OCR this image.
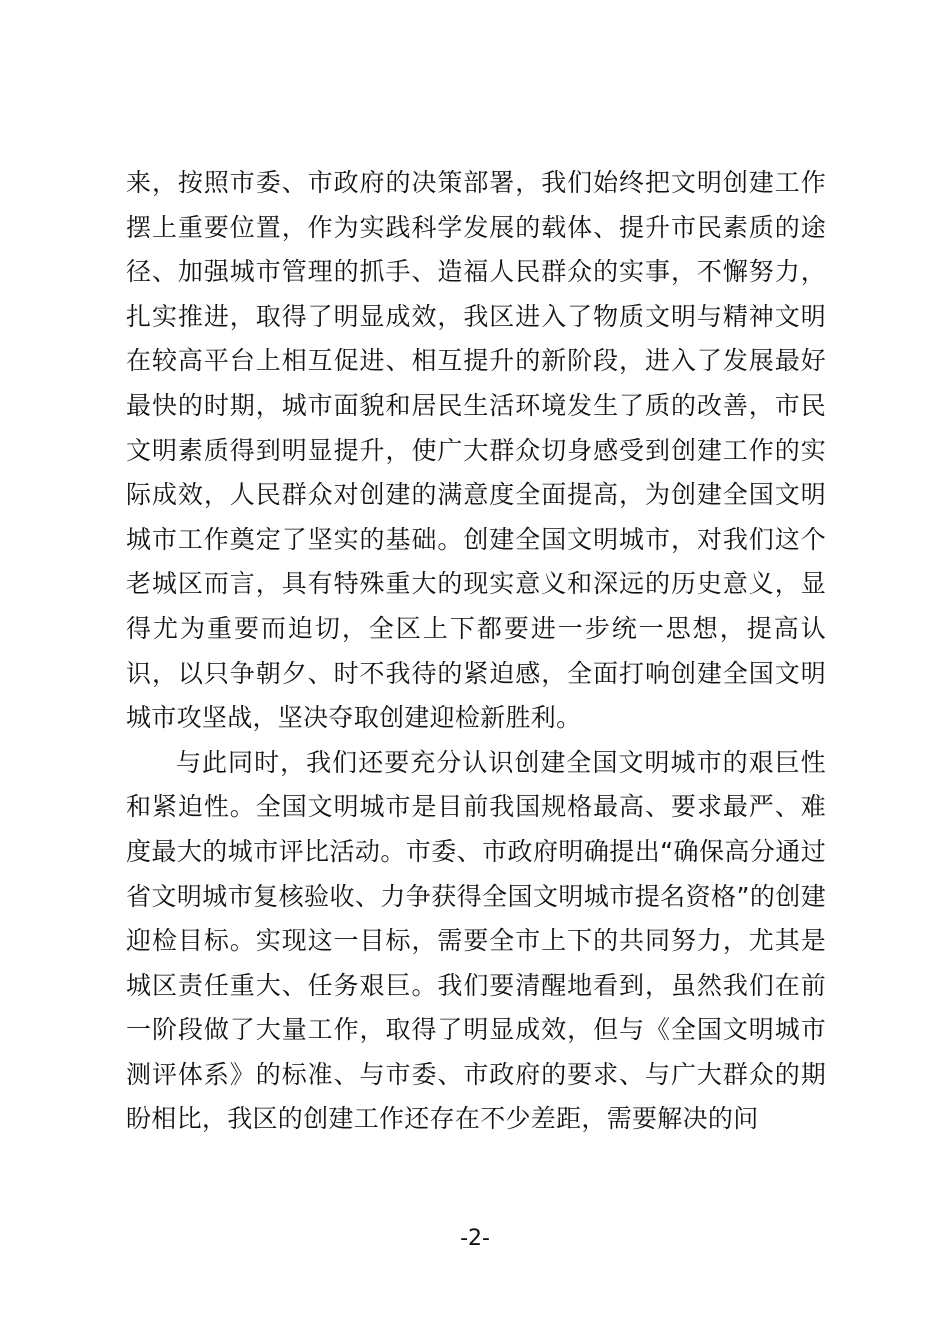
来，按照市委、市政府的决策部署，我们始终把文明创建工作摆上重要位置，作为实践科学发展的载体、提升市民素质的途径、加强城市管理的抓手、造福人民群众的实事，不懈努力，扎实推进，取得了明显成效，我区进入了物质文明与精神文明在较高平台上相互促进、相互提升的新阶段，进入了发展最好最快的时期，城市面貌和居民生活环境发生了质的改善，市民文明素质得到明显提升，使广大群众切身感受到创建工作的实际成效，人民群众对创建的满意度全面提高，为创建全国文明城市工作奠定了坚实的基础。创建全国文明城市，对我们这个老城区而言，具有特殊重大的现实意义和深远的历史意义，显得尤为重要而迫切，全区上下都要进一步统一思想，提高认识，以只争朝夕、时不我待的紧迫感，全面打响创建全国文明城市攻坚战，坚决夺取创建迎检新胜利。

与此同时，我们还要充分认识创建全国文明城市的艰巨性和紧迫性。全国文明城市是目前我国规格最高、要求最严、难度最大的城市评比活动。市委、市政府明确提出“确保高分通过省文明城市复核验收、力争获得全国文明城市提名资格”的创建迎检目标。实现这一目标，需要全市上下的共同努力，尤其是城区责任重大、任务艰巨。我们要清醒地看到，虽然我们在前一阶段做了大量工作，取得了明显成效，但与《全国文明城市测评体系》的标准、与市委、市政府的要求、与广大群众的期盼相比，我区的创建工作还存在不少差距，需要解决的问

-2-
